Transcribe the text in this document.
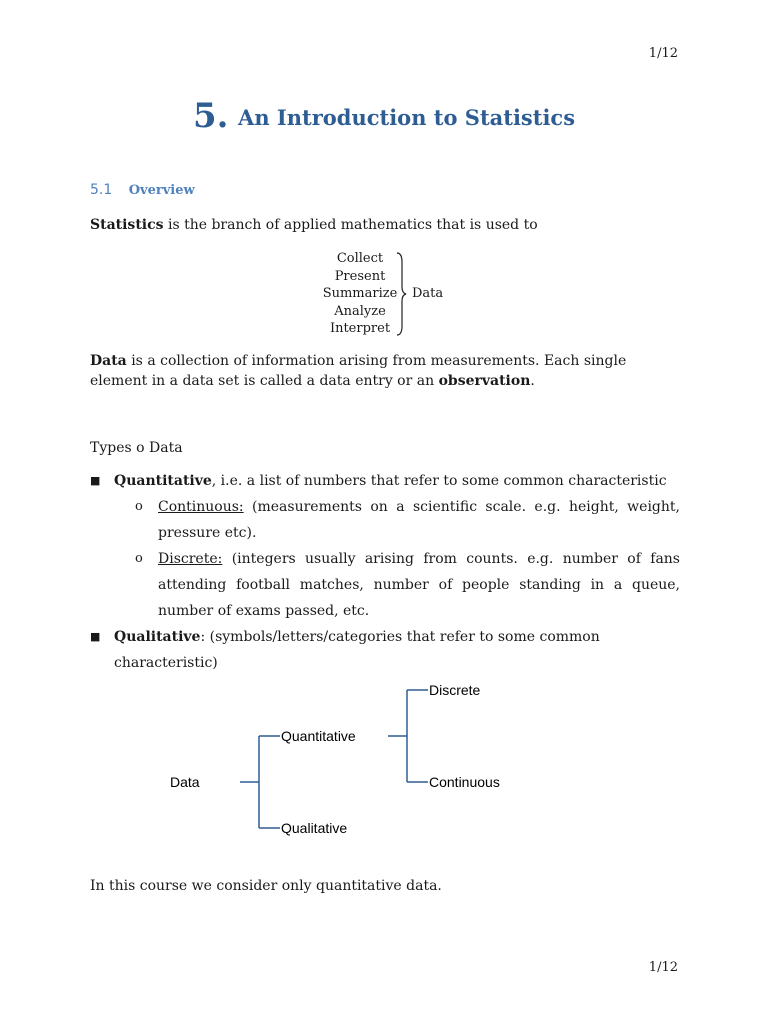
1/12
5. An Introduction to Statistics
5.1 Overview
Statistics is the branch of applied mathematics that is used to
Collect
Present
Summarize
Analyze
Interpret
Data
Data is a collection of information arising from measurements. Each single element in a data set is called a data entry or an observation.
Types o Data
■ Quantitative, i.e. a list of numbers that refer to some common characteristic
o Continuous: (measurements on a scientific scale. e.g. height, weight, pressure etc).
o Discrete: (integers usually arising from counts. e.g. number of fans attending football matches, number of people standing in a queue, number of exams passed, etc.
■ Qualitative: (symbols/letters/categories that refer to some common characteristic)
Data
Quantitative
Qualitative
Discrete
Continuous
In this course we consider only quantitative data.
1/12
